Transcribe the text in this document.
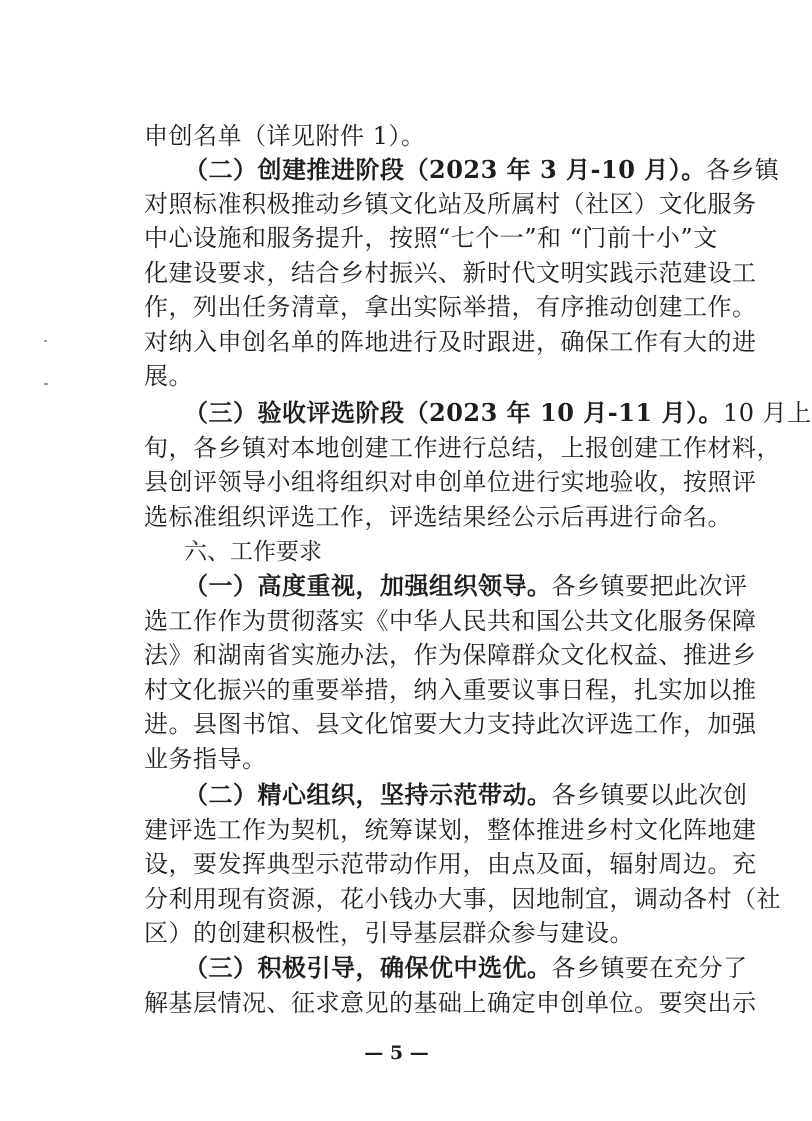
申创名单（详见附件 1）。
（二）创建推进阶段（2023 年 3 月-10 月）。各乡镇
对照标准积极推动乡镇文化站及所属村（社区）文化服务
中心设施和服务提升，按照“七个一”和 “门前十小”文
化建设要求，结合乡村振兴、新时代文明实践示范建设工
作，列出任务清章，拿出实际举措，有序推动创建工作。
对纳入申创名单的阵地进行及时跟进，确保工作有大的进
展。
（三）验收评选阶段（2023 年 10 月-11 月）。10 月上
旬，各乡镇对本地创建工作进行总结，上报创建工作材料，
县创评领导小组将组织对申创单位进行实地验收，按照评
选标准组织评选工作，评选结果经公示后再进行命名。
六、工作要求
（一）高度重视，加强组织领导。各乡镇要把此次评
选工作作为贯彻落实《中华人民共和国公共文化服务保障
法》和湖南省实施办法，作为保障群众文化权益、推进乡
村文化振兴的重要举措，纳入重要议事日程，扎实加以推
进。县图书馆、县文化馆要大力支持此次评选工作，加强
业务指导。
（二）精心组织，坚持示范带动。各乡镇要以此次创
建评选工作为契机，统筹谋划，整体推进乡村文化阵地建
设，要发挥典型示范带动作用，由点及面，辐射周边。充
分利用现有资源，花小钱办大事，因地制宜，调动各村（社
区）的创建积极性，引导基层群众参与建设。
（三）积极引导，确保优中选优。各乡镇要在充分了
解基层情况、征求意见的基础上确定申创单位。要突出示
— 5 —
